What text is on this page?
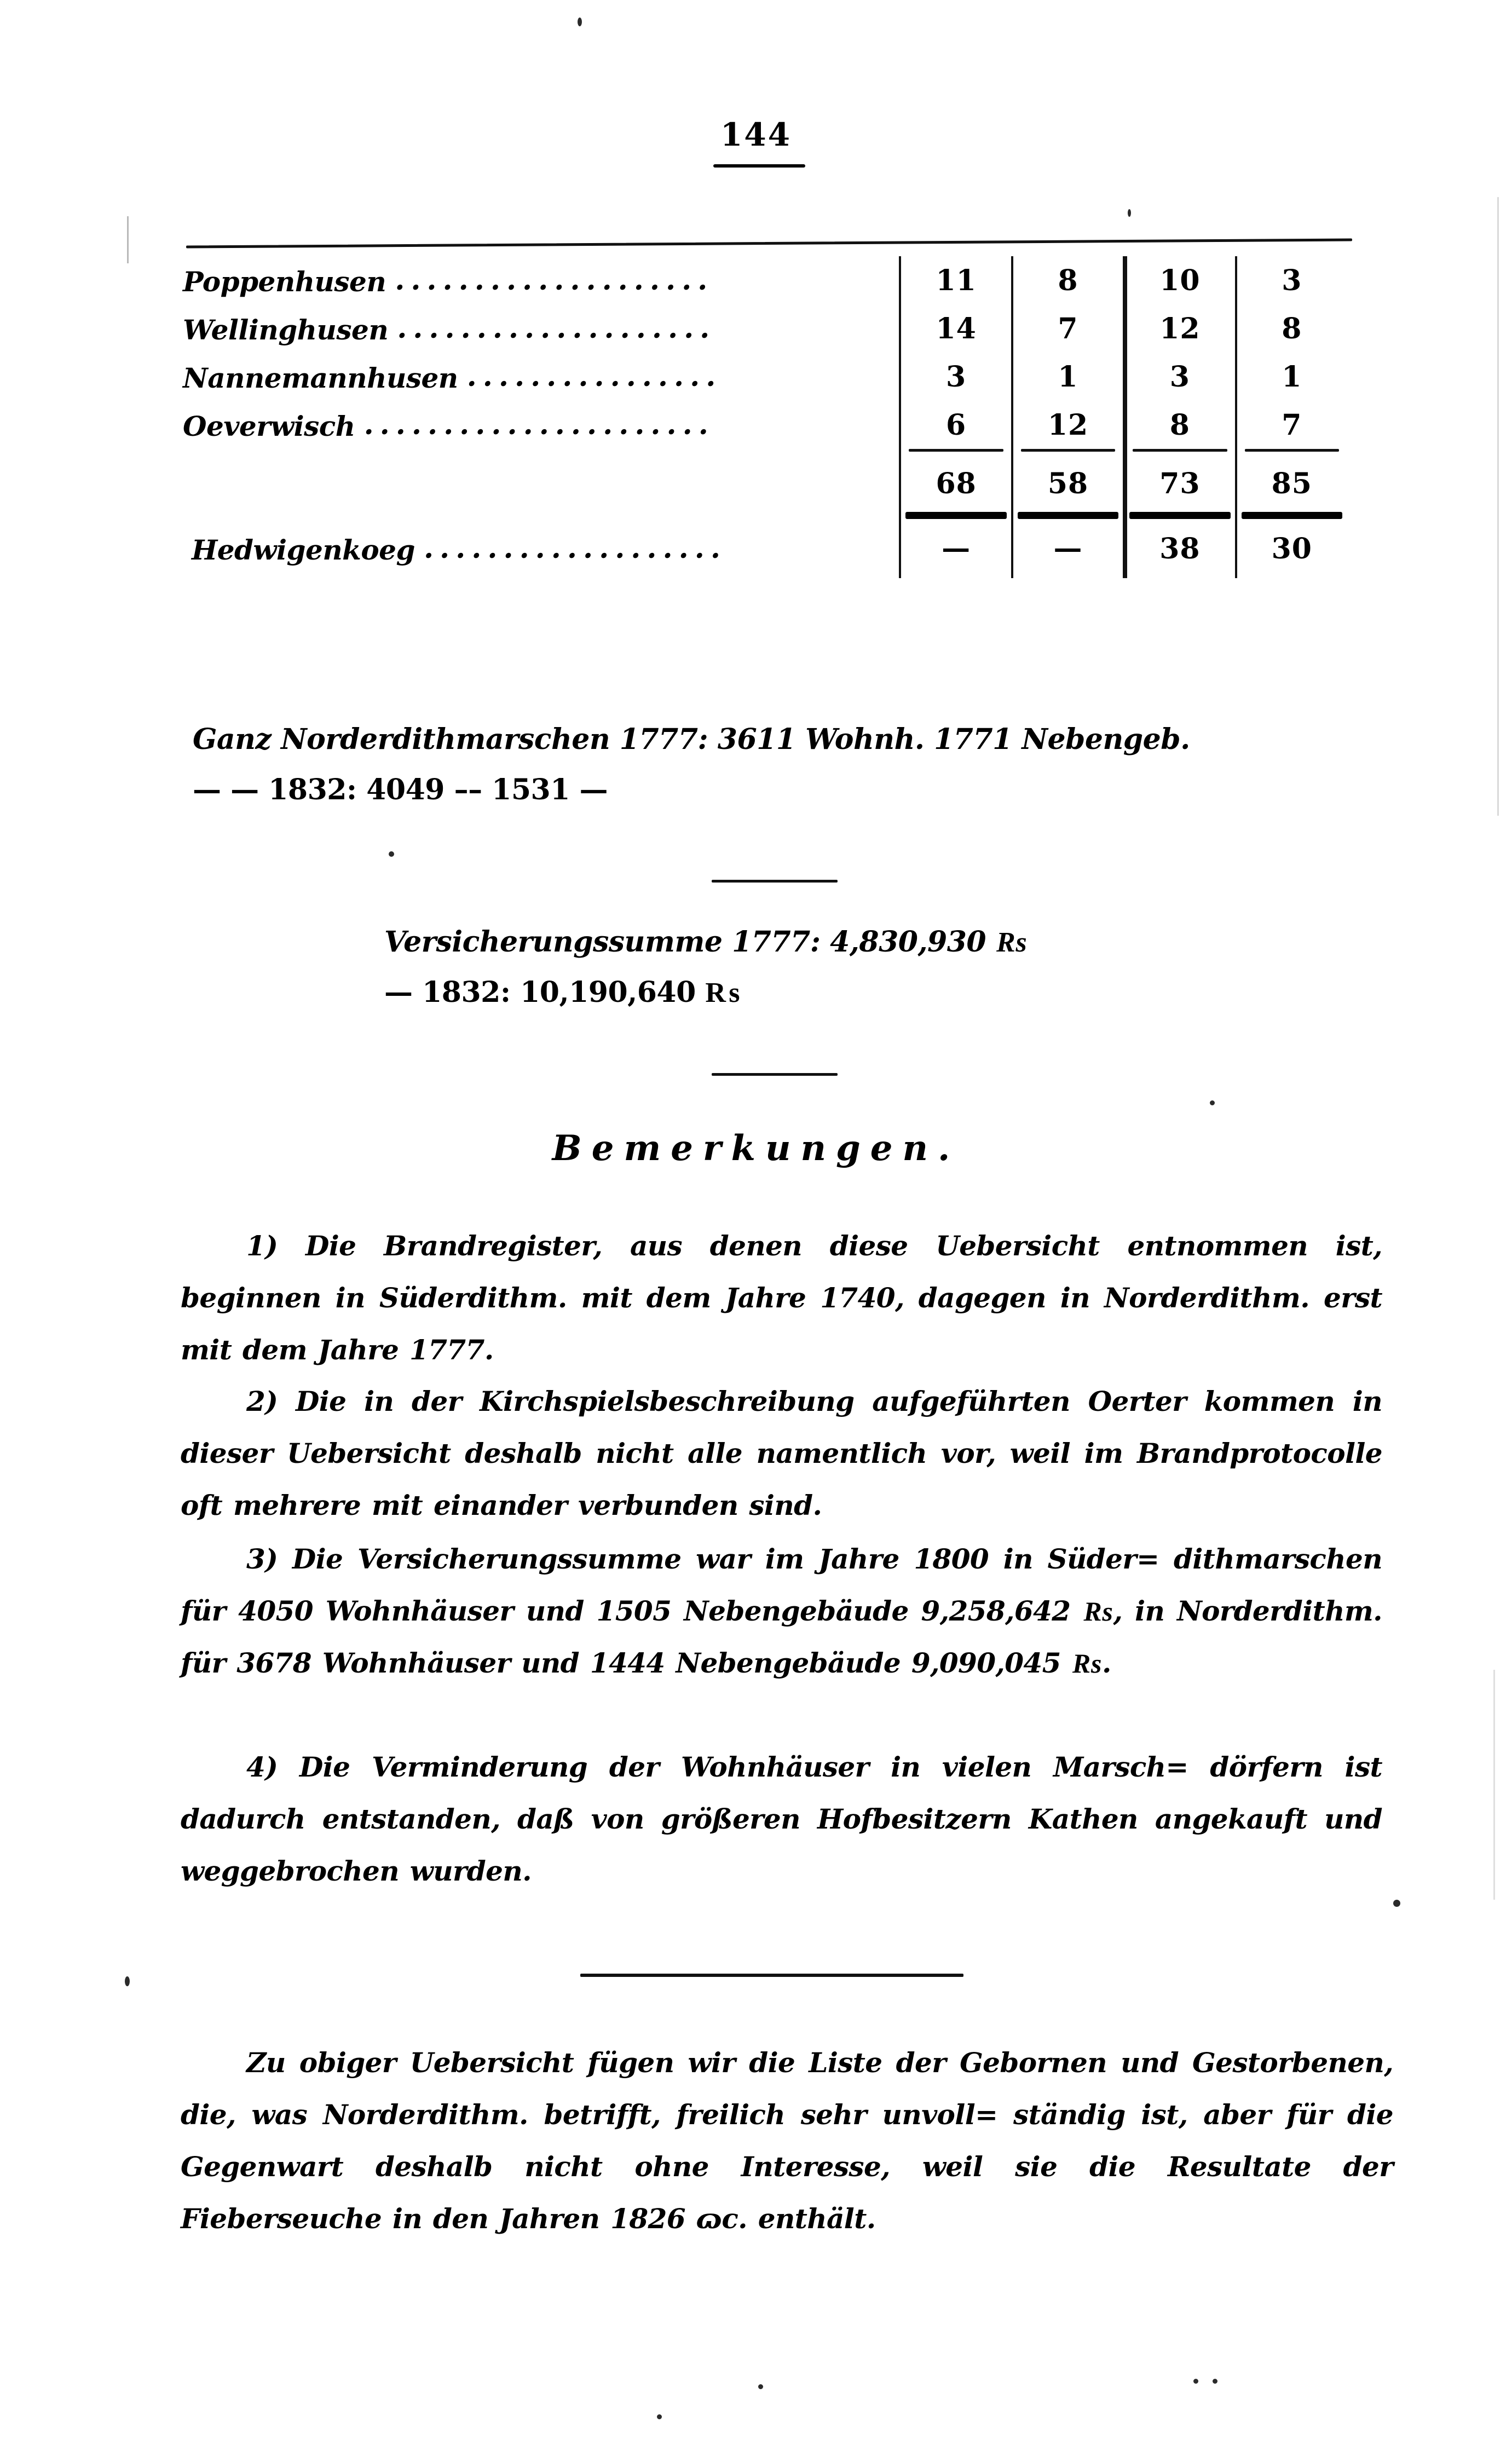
144
Poppenhusen ....................	11	8	10	3
Wellinghusen ....................	14	7	12	8
Nannemannhusen ................	3	1	3	1
Oeverwisch ......................	6	12	8	7

	68	58	73	85

Hedwigenkoeg ...................	—	—	38	30
Ganz Norderdithmarschen 1777: 3611 Wohnh. 1771 Nebengeb.
— — 1832: 4049 –– 1531 —
Versicherungssumme 1777: 4,830,930 ₨
— 1832: 10,190,640 ₨
Bemerkungen.
1) Die Brandregister, aus denen diese Uebersicht entnommen ist, beginnen in Süderdithm. mit dem Jahre 1740, dagegen in Norderdithm. erst mit dem Jahre 1777.
2) Die in der Kirchspielsbeschreibung aufgeführten Oerter kommen in dieser Uebersicht deshalb nicht alle namentlich vor, weil im Brandprotocolle oft mehrere mit einander verbunden sind.
3) Die Versicherungssumme war im Jahre 1800 in Süder= dithmarschen für 4050 Wohnhäuser und 1505 Nebengebäude 9,258,642 ₨, in Norderdithm. für 3678 Wohnhäuser und 1444 Nebengebäude 9,090,045 ₨.
4) Die Verminderung der Wohnhäuser in vielen Marsch= dörfern ist dadurch entstanden, daß von größeren Hofbesitzern Kathen angekauft und weggebrochen wurden.
Zu obiger Uebersicht fügen wir die Liste der Gebornen und Gestorbenen, die, was Norderdithm. betrifft, freilich sehr unvoll= ständig ist, aber für die Gegenwart deshalb nicht ohne Interesse, weil sie die Resultate der Fieberseuche in den Jahren 1826 ɷc. enthält.
